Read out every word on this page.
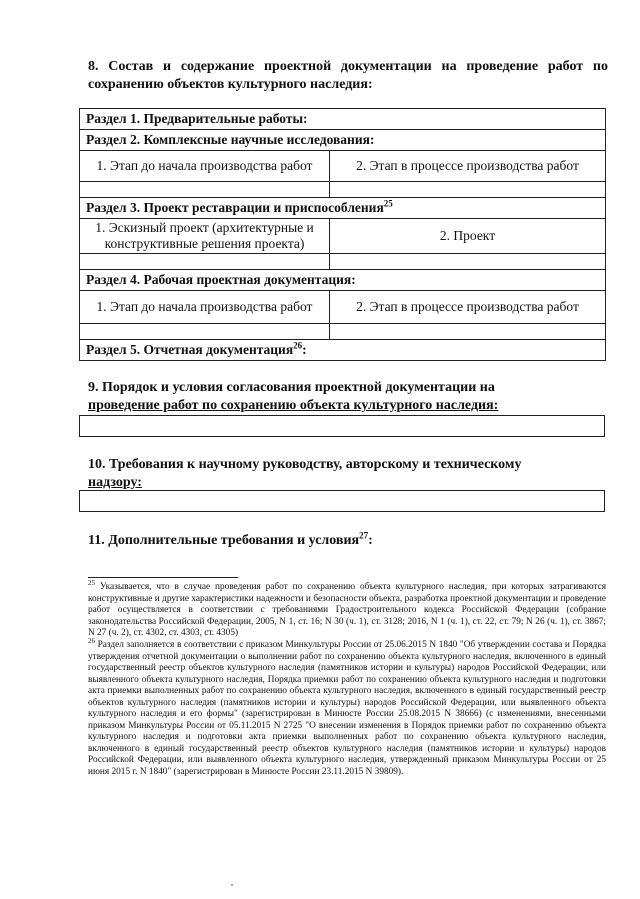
8. Состав и содержание проектной документации на проведение работ по
сохранению объектов культурного наследия:
Раздел 1. Предварительные работы:	
Раздел 2. Комплексные научные исследования:	
1. Этап до начала производства работ	2. Этап в процессе производства работ

Раздел 3. Проект реставрации и приспособления$^{25}$
1. Эскизный проект (архитектурные и конструктивные решения проекта)	2. Проект

Раздел 4. Рабочая проектная документация:	
1. Этап до начала производства работ	2. Этап в процессе производства работ

Раздел 5. Отчетная документация$^{26}$:	
9. Порядок и условия согласования проектной документации на
проведение работ по сохранению объекта культурного наследия:
10. Требования к научному руководству, авторскому и техническому
надзору:
11. Дополнительные требования и условия$^{27}$:

$^{25}$ Указывается, что в случае проведения работ по сохранению объекта культурного наследия, при которых затрагиваются конструктивные и другие характеристики надежности и безопасности объекта, разработка проектной документации и проведение работ осуществляется в соответствии с требованиями Градостроительного кодекса Российской Федерации (собрание законодательства Российской Федерации, 2005, N 1, ст. 16; N 30 (ч. 1), ст. 3128; 2016, N 1 (ч. 1), ст. 22, ст. 79; N 26 (ч. 1), ст. 3867; N 27 (ч. 2), ст. 4302, ст. 4303, ст. 4305)

$^{26}$ Раздел заполняется в соответствии с приказом Минкультуры России от 25.06.2015 N 1840 "Об утверждении состава и Порядка утверждения отчетной документации о выполнении работ по сохранению объекта культурного наследия, включенного в единый государственный реестр объектов культурного наследия (памятников истории и культуры) народов Российской Федерации, или выявленного объекта культурного наследия, Порядка приемки работ по сохранению объекта культурного наследия и подготовки акта приемки выполненных работ по сохранению объекта культурного наследия, включенного в единый государственный реестр объектов культурного наследия (памятников истории и культуры) народов Российской Федерации, или выявленного объекта культурного наследия и его формы" (зарегистрирован в Минюсте России 25.08.2015 N 38666) (с изменениями, внесенными приказом Минкультуры России от 05.11.2015 N 2725 "О внесении изменения в Порядок приемки работ по сохранению объекта культурного наследия и подготовки акта приемки выполненных работ по сохранению объекта культурного наследия, включенного в единый государственный реестр объектов культурного наследия (памятников истории и культуры) народов Российской Федерации, или выявленного объекта культурного наследия, утвержденный приказом Минкультуры России от 25 июня 2015 г. N 1840" (зарегистрирован в Минюсте России 23.11.2015 N 39809).
